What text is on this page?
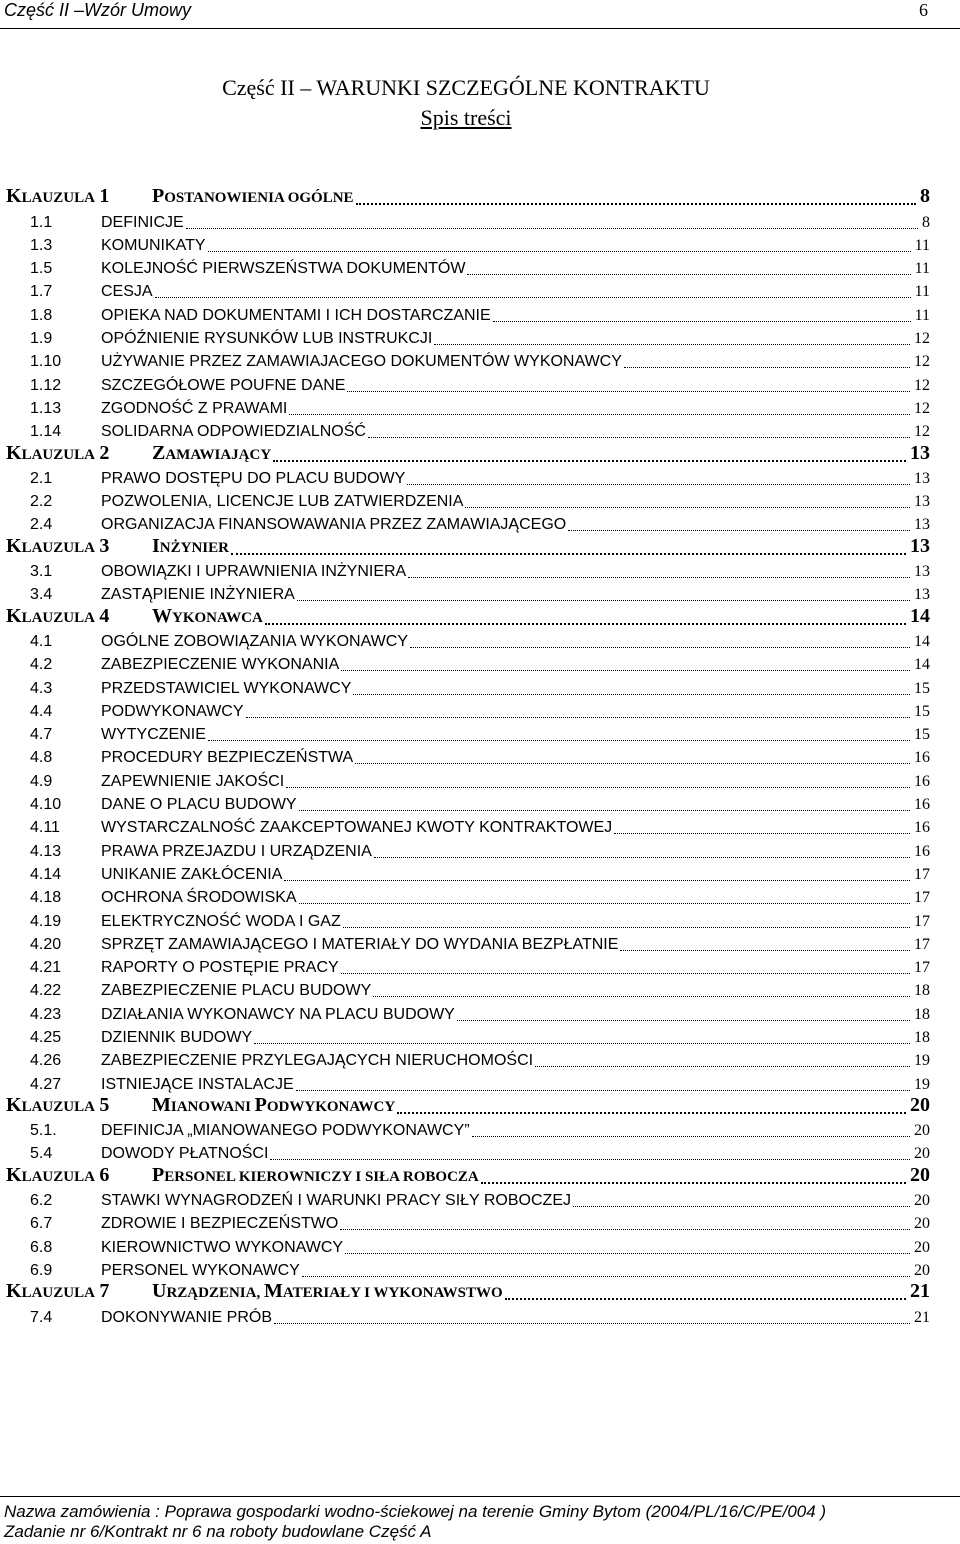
Część II –Wzór Umowy	6
Część II – WARUNKI SZCZEGÓLNE KONTRAKTU
Spis treści
KLAUZULA 1 POSTANOWIENIA OGÓLNE	8
1.1	DEFINICJE	8
1.3	KOMUNIKATY	11
1.5	KOLEJNOŚĆ PIERWSZEŃSTWA DOKUMENTÓW	11
1.7	CESJA	11
1.8	OPIEKA NAD DOKUMENTAMI I ICH DOSTARCZANIE	11
1.9	OPÓŹNIENIE RYSUNKÓW LUB INSTRUKCJI	12
1.10 UŻYWANIE PRZEZ ZAMAWIAJACEGO DOKUMENTÓW WYKONAWCY	12
1.12 SZCZEGÓŁOWE POUFNE DANE	12
1.13 ZGODNOŚĆ Z PRAWAMI	12
1.14 SOLIDARNA ODPOWIEDZIALNOŚĆ	12
KLAUZULA 2 ZAMAWIAJĄCY	13
2.1	PRAWO DOSTĘPU DO PLACU BUDOWY	13
2.2	POZWOLENIA, LICENCJE LUB ZATWIERDZENIA	13
2.4	ORGANIZACJA FINANSOWAWANIA PRZEZ ZAMAWIAJĄCEGO	13
KLAUZULA 3 INŻYNIER	13
3.1	OBOWIĄZKI I UPRAWNIENIA INŻYNIERA	13
3.4	ZASTĄPIENIE INŻYNIERA	13
KLAUZULA 4 WYKONAWCA	14
4.1	OGÓLNE ZOBOWIĄZANIA WYKONAWCY	14
4.2	ZABEZPIECZENIE WYKONANIA	14
4.3	PRZEDSTAWICIEL WYKONAWCY	15
4.4	PODWYKONAWCY	15
4.7	WYTYCZENIE	15
4.8	PROCEDURY BEZPIECZEŃSTWA	16
4.9	ZAPEWNIENIE JAKOŚCI	16
4.10 DANE O PLACU BUDOWY	16
4.11	WYSTARCZALNOŚĆ ZAAKCEPTOWANEJ KWOTY KONTRAKTOWEJ	16
4.13 PRAWA PRZEJAZDU I URZĄDZENIA	16
4.14 UNIKANIE ZAKŁÓCENIA	17
4.18 OCHRONA ŚRODOWISKA	17
4.19 ELEKTRYCZNOŚĆ WODA I GAZ	17
4.20 SPRZĘT ZAMAWIAJĄCEGO I MATERIAŁY DO WYDANIA BEZPŁATNIE	17
4.21 RAPORTY O POSTĘPIE PRACY	17
4.22 ZABEZPIECZENIE PLACU BUDOWY	18
4.23 DZIAŁANIA WYKONAWCY NA PLACU BUDOWY	18
4.25 DZIENNIK BUDOWY	18
4.26 ZABEZPIECZENIE PRZYLEGAJĄCYCH NIERUCHOMOŚCI	19
4.27 ISTNIEJĄCE INSTALACJE	19
KLAUZULA 5 MIANOWANI PODWYKONAWCY	20
5.1.	DEFINICJA „MIANOWANEGO PODWYKONAWCY”	20
5.4	DOWODY PŁATNOŚCI	20
KLAUZULA 6 PERSONEL KIEROWNICZY I SIŁA ROBOCZA	20
6.2	STAWKI WYNAGRODZEŃ I WARUNKI PRACY SIŁY ROBOCZEJ	20
6.7	ZDROWIE I BEZPIECZEŃSTWO	20
6.8	KIEROWNICTWO WYKONAWCY	20
6.9	PERSONEL WYKONAWCY	20
KLAUZULA 7 URZĄDZENIA, MATERIAŁY I WYKONAWSTWO	21
7.4	DOKONYWANIE PRÓB	21
Nazwa zamówienia : Poprawa gospodarki wodno-ściekowej na terenie Gminy Bytom (2004/PL/16/C/PE/004 )
Zadanie nr 6/Kontrakt nr 6 na roboty budowlane Część A
